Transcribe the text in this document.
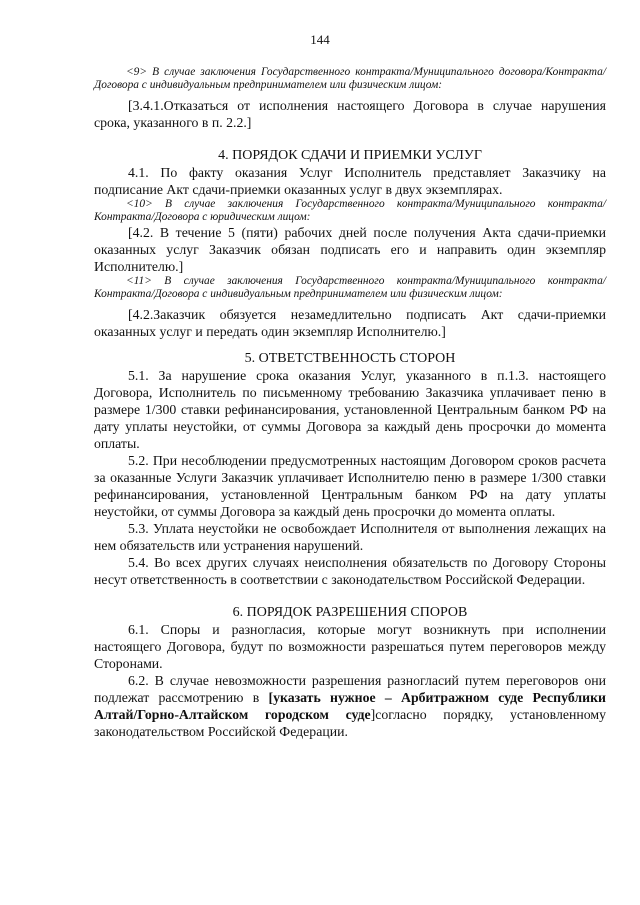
144

<9> В случае заключения Государственного контракта/Муниципального договора/Контракта/Договора с индивидуальным предпринимателем или физическим лицом:

[3.4.1.Отказаться от исполнения настоящего Договора в случае нарушения срока, указанного в п. 2.2.]

4. ПОРЯДОК СДАЧИ И ПРИЕМКИ УСЛУГ

4.1. По факту оказания Услуг Исполнитель представляет Заказчику на подписание Акт сдачи-приемки оказанных услуг в двух экземплярах.

<10> В случае заключения Государственного контракта/Муниципального контракта/Контракта/Договора с юридическим лицом:

[4.2. В течение 5 (пяти) рабочих дней после получения Акта сдачи-приемки оказанных услуг Заказчик обязан подписать его и направить один экземпляр Исполнителю.]

<11> В случае заключения Государственного контракта/Муниципального контракта/Контракта/Договора с индивидуальным предпринимателем или физическим лицом:

[4.2.Заказчик обязуется незамедлительно подписать Акт сдачи-приемки оказанных услуг и передать один экземпляр Исполнителю.]

5. ОТВЕТСТВЕННОСТЬ СТОРОН

5.1. За нарушение срока оказания Услуг, указанного в п.1.3. настоящего Договора, Исполнитель по письменному требованию Заказчика уплачивает пеню в размере 1/300 ставки рефинансирования, установленной Центральным банком РФ на дату уплаты неустойки, от суммы Договора за каждый день просрочки до момента оплаты.

5.2. При несоблюдении предусмотренных настоящим Договором сроков расчета за оказанные Услуги Заказчик уплачивает Исполнителю пеню в размере 1/300 ставки рефинансирования, установленной Центральным банком РФ на дату уплаты неустойки, от суммы Договора за каждый день просрочки до момента оплаты.

5.3. Уплата неустойки не освобождает Исполнителя от выполнения лежащих на нем обязательств или устранения нарушений.

5.4. Во всех других случаях неисполнения обязательств по Договору Стороны несут ответственность в соответствии с законодательством Российской Федерации.

6. ПОРЯДОК РАЗРЕШЕНИЯ СПОРОВ

6.1. Споры и разногласия, которые могут возникнуть при исполнении настоящего Договора, будут по возможности разрешаться путем переговоров между Сторонами.

6.2. В случае невозможности разрешения разногласий путем переговоров они подлежат рассмотрению в [указать нужное – Арбитражном суде Республики Алтай/Горно-Алтайском городском суде]согласно порядку, установленному законодательством Российской Федерации.
